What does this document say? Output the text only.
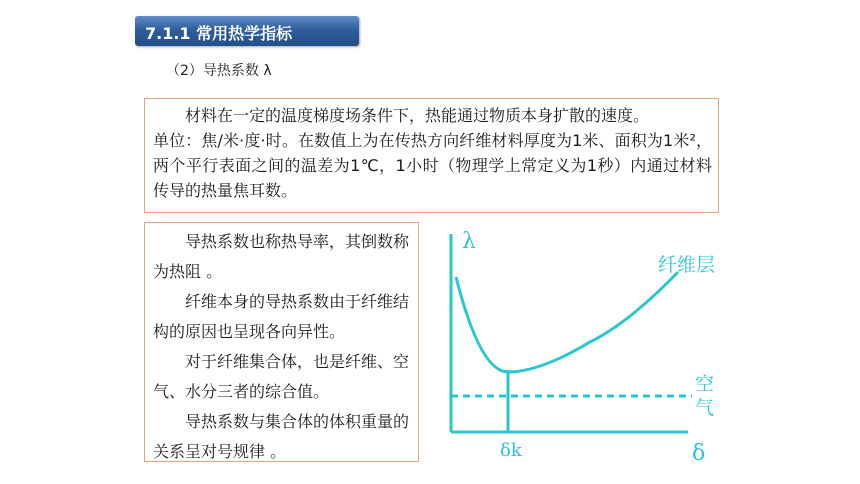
7.1.1 常用热学指标
（2）导热系数 λ

材料在一定的温度梯度场条件下，热能通过物质本身扩散的速度。

单位：焦/米·度·时。在数值上为在传热方向纤维材料厚度为1米、面积为1米²，两个平行表面之间的温差为1℃，1小时（物理学上常定义为1秒）内通过材料传导的热量焦耳数。

导热系数也称热导率，其倒数称为热阻 。

纤维本身的导热系数由于纤维结构的原因也呈现各向异性。

对于纤维集合体，也是纤维、空气、水分三者的综合值。

导热系数与集合体的体积重量的关系呈对号规律 。

λ
δ
纤维层
空
气
δk
